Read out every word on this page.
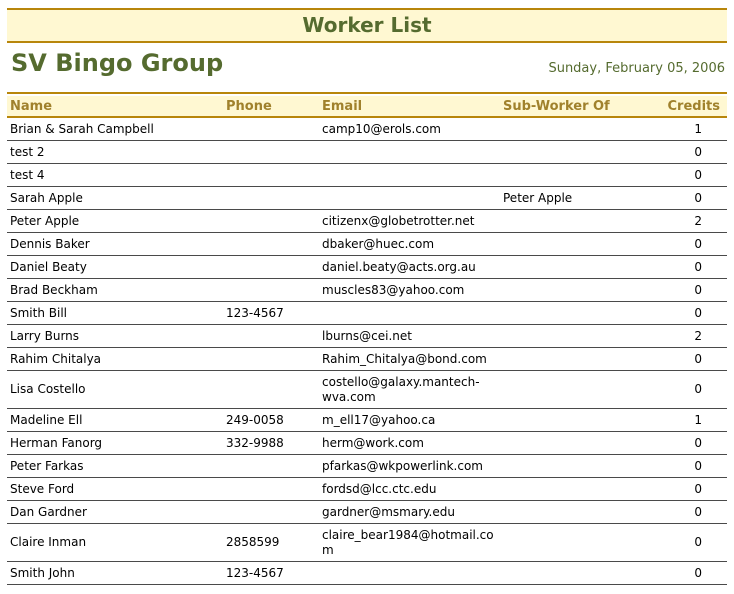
Worker List
SV Bingo Group	Sunday, February 05, 2006
Name	Phone	Email	Sub-Worker Of	Credits
Brian & Sarah Campbell		camp10@erols.com		1
test 2				0
test 4				0
Sarah Apple			Peter Apple	0
Peter Apple		citizenx@globetrotter.net		2
Dennis Baker		dbaker@huec.com		0
Daniel Beaty		daniel.beaty@acts.org.au		0
Brad Beckham		muscles83@yahoo.com		0
Smith Bill	123-4567			0
Larry Burns		lburns@cei.net		2
Rahim Chitalya		Rahim_Chitalya@bond.com		0
Lisa Costello		costello@galaxy.mantech-wva.com		0
Madeline Ell	249-0058	m_ell17@yahoo.ca		1
Herman Fanorg	332-9988	herm@work.com		0
Peter Farkas		pfarkas@wkpowerlink.com		0
Steve Ford		fordsd@lcc.ctc.edu		0
Dan Gardner		gardner@msmary.edu		0
Claire Inman	2858599	claire_bear1984@hotmail.com		0
Smith John	123-4567			0
